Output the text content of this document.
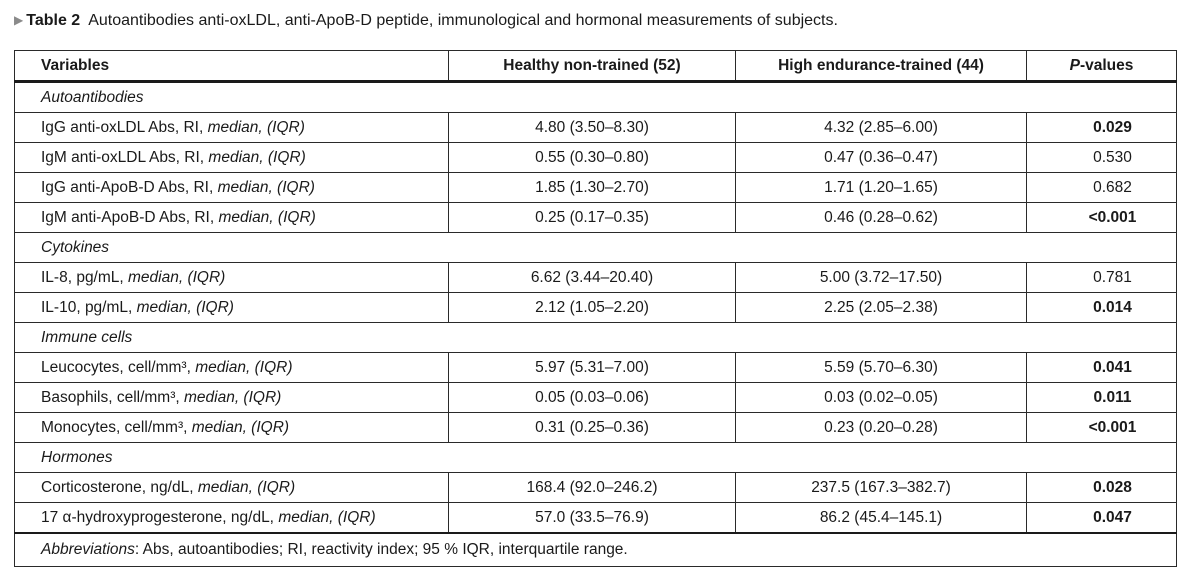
▶ Table 2 Autoantibodies anti-oxLDL, anti-ApoB-D peptide, immunological and hormonal measurements of subjects.
Variables	Healthy non-trained (52)	High endurance-trained (44)	P-values
Autoantibodies			
IgG anti-oxLDL Abs, RI, median, (IQR)	4.80 (3.50–8.30)	4.32 (2.85–6.00)	0.029
IgM anti-oxLDL Abs, RI, median, (IQR)	0.55 (0.30–0.80)	0.47 (0.36–0.47)	0.530
IgG anti-ApoB-D Abs, RI, median, (IQR)	1.85 (1.30–2.70)	1.71 (1.20–1.65)	0.682
IgM anti-ApoB-D Abs, RI, median, (IQR)	0.25 (0.17–0.35)	0.46 (0.28–0.62)	<0.001
Cytokines			
IL-8, pg/mL, median, (IQR)	6.62 (3.44–20.40)	5.00 (3.72–17.50)	0.781
IL-10, pg/mL, median, (IQR)	2.12 (1.05–2.20)	2.25 (2.05–2.38)	0.014
Immune cells			
Leucocytes, cell/mm³, median, (IQR)	5.97 (5.31–7.00)	5.59 (5.70–6.30)	0.041
Basophils, cell/mm³, median, (IQR)	0.05 (0.03–0.06)	0.03 (0.02–0.05)	0.011
Monocytes, cell/mm³, median, (IQR)	0.31 (0.25–0.36)	0.23 (0.20–0.28)	<0.001
Hormones			
Corticosterone, ng/dL, median, (IQR)	168.4 (92.0–246.2)	237.5 (167.3–382.7)	0.028
17 α-hydroxyprogesterone, ng/dL, median, (IQR)	57.0 (33.5–76.9)	86.2 (45.4–145.1)	0.047
Abbreviations: Abs, autoantibodies; RI, reactivity index; 95 % IQR, interquartile range.			
